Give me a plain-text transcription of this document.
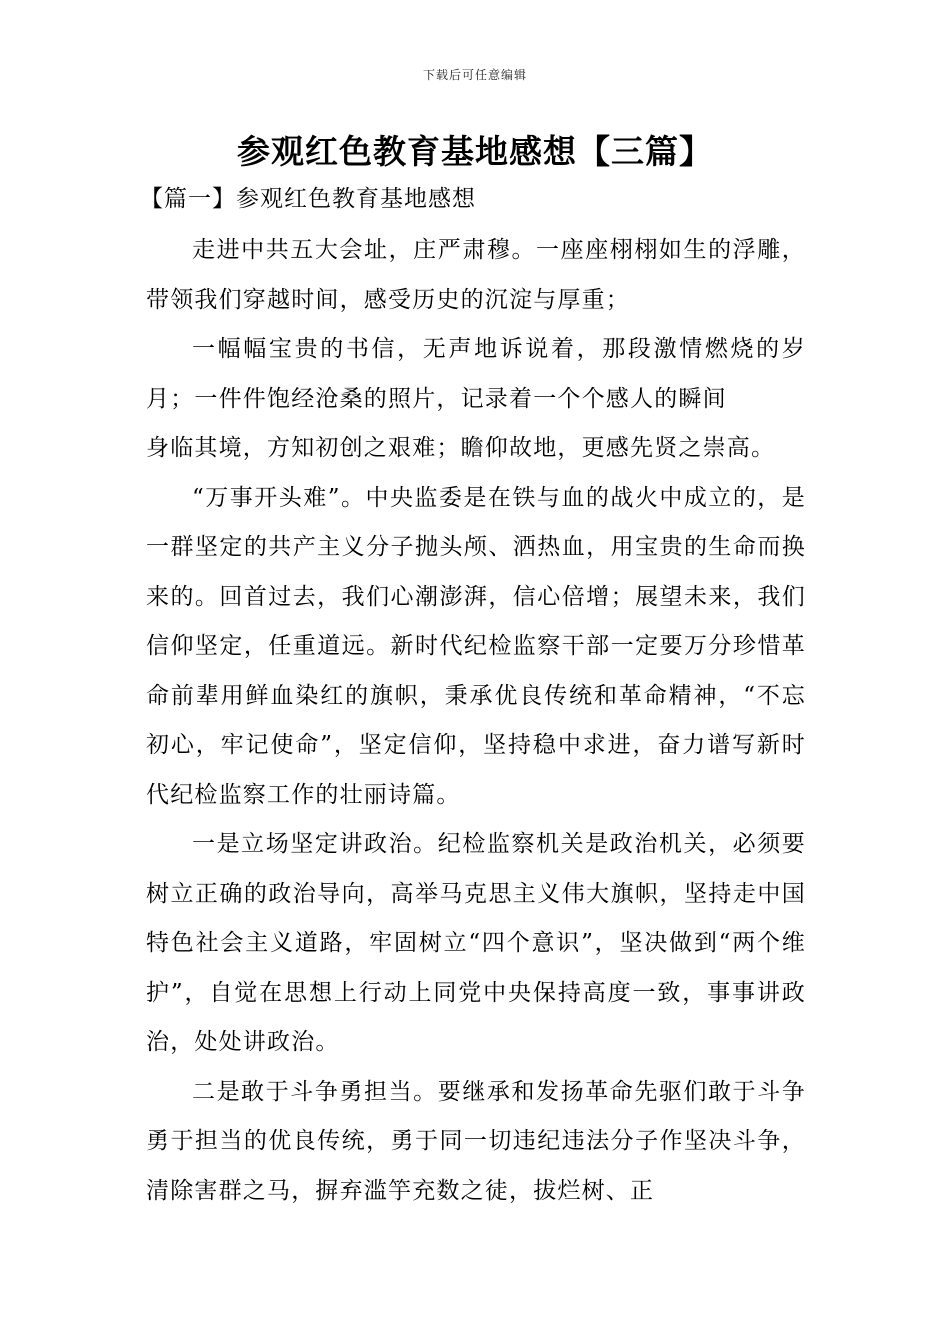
下载后可任意编辑
参观红色教育基地感想【三篇】

【篇一】参观红色教育基地感想

走进中共五大会址，庄严肃穆。一座座栩栩如生的浮雕，带领我们穿越时间，感受历史的沉淀与厚重；

一幅幅宝贵的书信，无声地诉说着，那段激情燃烧的岁月；一件件饱经沧桑的照片，记录着一个个感人的瞬间

身临其境，方知初创之艰难；瞻仰故地，更感先贤之崇高。

“万事开头难”。中央监委是在铁与血的战火中成立的，是一群坚定的共产主义分子抛头颅、洒热血，用宝贵的生命而换来的。回首过去，我们心潮澎湃，信心倍增；展望未来，我们信仰坚定，任重道远。新时代纪检监察干部一定要万分珍惜革命前辈用鲜血染红的旗帜，秉承优良传统和革命精神，“不忘初心，牢记使命”，坚定信仰，坚持稳中求进，奋力谱写新时代纪检监察工作的壮丽诗篇。

一是立场坚定讲政治。纪检监察机关是政治机关，必须要树立正确的政治导向，高举马克思主义伟大旗帜，坚持走中国特色社会主义道路，牢固树立“四个意识”，坚决做到“两个维护”，自觉在思想上行动上同党中央保持高度一致，事事讲政治，处处讲政治。

二是敢于斗争勇担当。要继承和发扬革命先驱们敢于斗争勇于担当的优良传统，勇于同一切违纪违法分子作坚决斗争，清除害群之马，摒弃滥竽充数之徒，拔烂树、正
